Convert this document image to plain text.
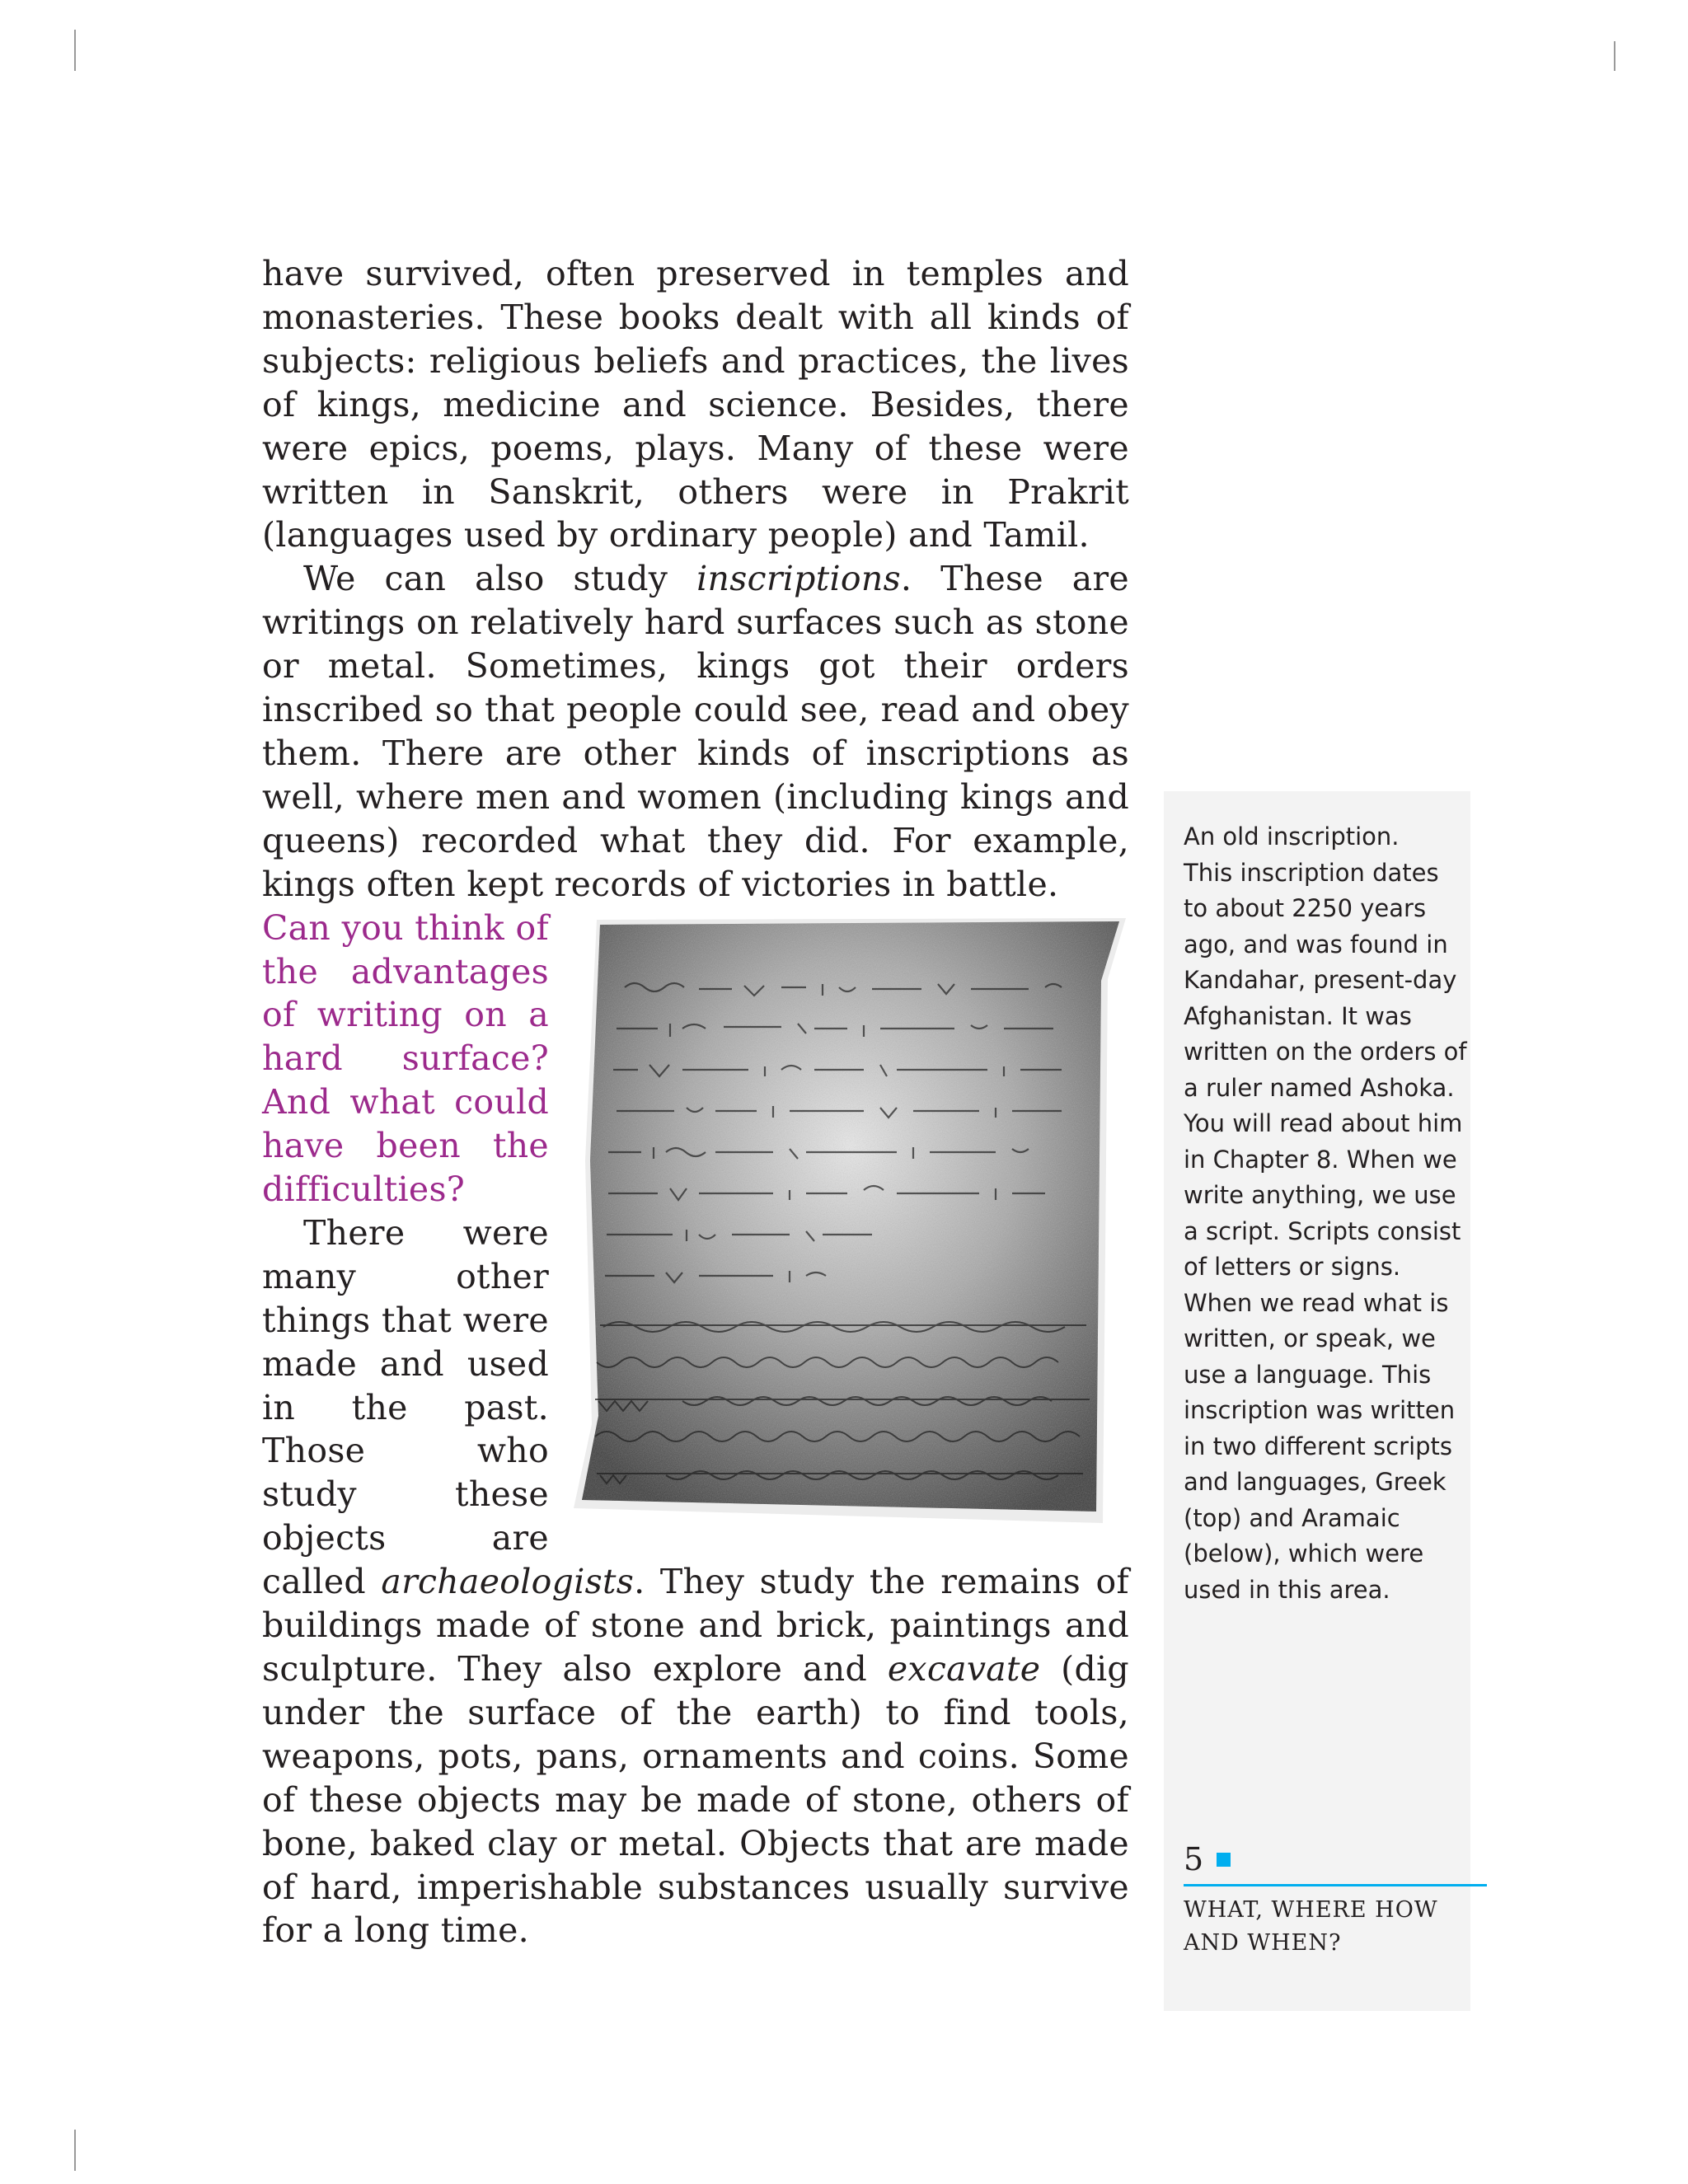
have survived, often preserved in temples and monasteries. These books dealt with all kinds of subjects: religious beliefs and practices, the lives of kings, medicine and science. Besides, there were epics, poems, plays. Many of these were written in Sanskrit, others were in Prakrit (languages used by ordinary people) and Tamil.

We can also study inscriptions. These are writings on relatively hard surfaces such as stone or metal. Sometimes, kings got their orders inscribed so that people could see, read and obey them. There are other kinds of inscriptions as well, where men and women (including kings and queens) recorded what they did. For example, kings often kept records of victories in battle.

Can you think of the advantages of writing on a hard surface? And what could have been the difficulties?

There were many other things that were made and used in the past. Those who study these objects are called archaeologists. They study the remains of buildings made of stone and brick, paintings and sculpture. They also explore and excavate (dig under the surface of the earth) to find tools, weapons, pots, pans, ornaments and coins. Some of these objects may be made of stone, others of bone, baked clay or metal. Objects that are made of hard, imperishable substances usually survive for a long time.

An old inscription.

This inscription dates to about 2250 years ago, and was found in Kandahar, present-day Afghanistan. It was written on the orders of a ruler named Ashoka. You will read about him in Chapter 8. When we write anything, we use a script. Scripts consist of letters or signs. When we read what is written, or speak, we use a language. This inscription was written in two different scripts and languages, Greek (top) and Aramaic (below), which were used in this area.

5
WHAT, WHERE HOW AND WHEN?
